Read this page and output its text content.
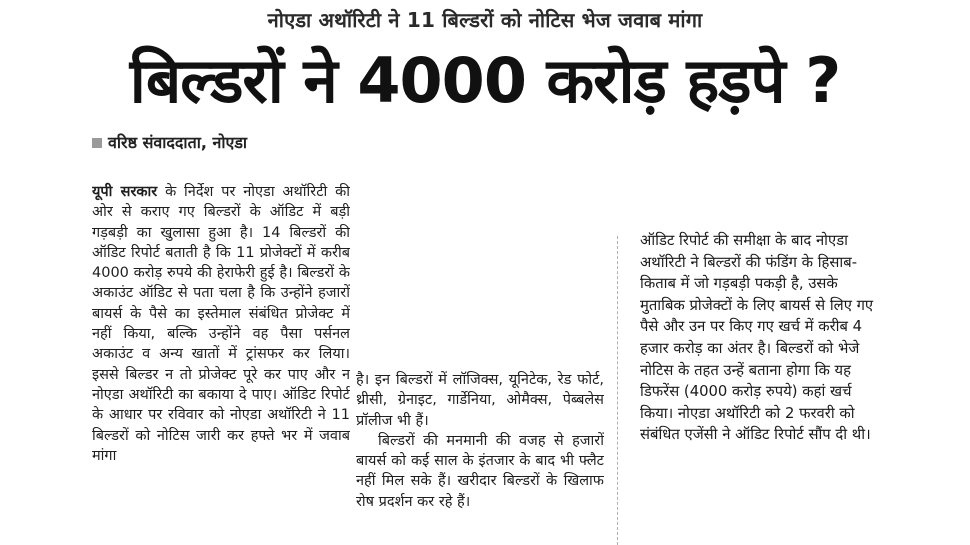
नोएडा अथॉरिटी ने 11 बिल्डरों को नोटिस भेज जवाब मांगा
बिल्डरों ने 4000 करोड़ हड़पे ?
वरिष्ठ संवाददाता, नोएडा

यूपी सरकार के निर्देश पर नोएडा अथॉरिटी की ओर से कराए गए बिल्डरों के ऑडिट में बड़ी गड़बड़ी का खुलासा हुआ है। 14 बिल्डरों की ऑडिट रिपोर्ट बताती है कि 11 प्रोजेक्टों में करीब 4000 करोड़ रुपये की हेराफेरी हुई है। बिल्डरों के अकाउंट ऑडिट से पता चला है कि उन्होंने हजारों बायर्स के पैसे का इस्तेमाल संबंधित प्रोजेक्ट में नहीं किया, बल्कि उन्होंने वह पैसा पर्सनल अकाउंट व अन्य खातों में ट्रांसफर कर लिया। इससे बिल्डर न तो प्रोजेक्ट पूरे कर पाए और न नोएडा अथॉरिटी का बकाया दे पाए। ऑडिट रिपोर्ट के आधार पर रविवार को नोएडा अथॉरिटी ने 11 बिल्डरों को नोटिस जारी कर हफ्ते भर में जवाब मांगा

है। इन बिल्डरों में लॉजिक्स, यूनिटेक, रेड फोर्ट, थ्रीसी, ग्रेनाइट, गार्डेनिया, ओमैक्स, पेब्बलेस प्रॉलीज भी हैं।

बिल्डरों की मनमानी की वजह से हजारों बायर्स को कई साल के इंतजार के बाद भी फ्लैट नहीं मिल सके हैं। खरीदार बिल्डरों के खिलाफ रोष प्रदर्शन कर रहे हैं।

ऑडिट रिपोर्ट की समीक्षा के बाद नोएडा अथॉरिटी ने बिल्डरों की फंडिंग के हिसाब-किताब में जो गड़बड़ी पकड़ी है, उसके मुताबिक प्रोजेक्टों के लिए बायर्स से लिए गए पैसे और उन पर किए गए खर्च में करीब 4 हजार करोड़ का अंतर है। बिल्डरों को भेजे नोटिस के तहत उन्हें बताना होगा कि यह डिफरेंस (4000 करोड़ रुपये) कहां खर्च किया। नोएडा अथॉरिटी को 2 फरवरी को संबंधित एजेंसी ने ऑडिट रिपोर्ट सौंप दी थी।
